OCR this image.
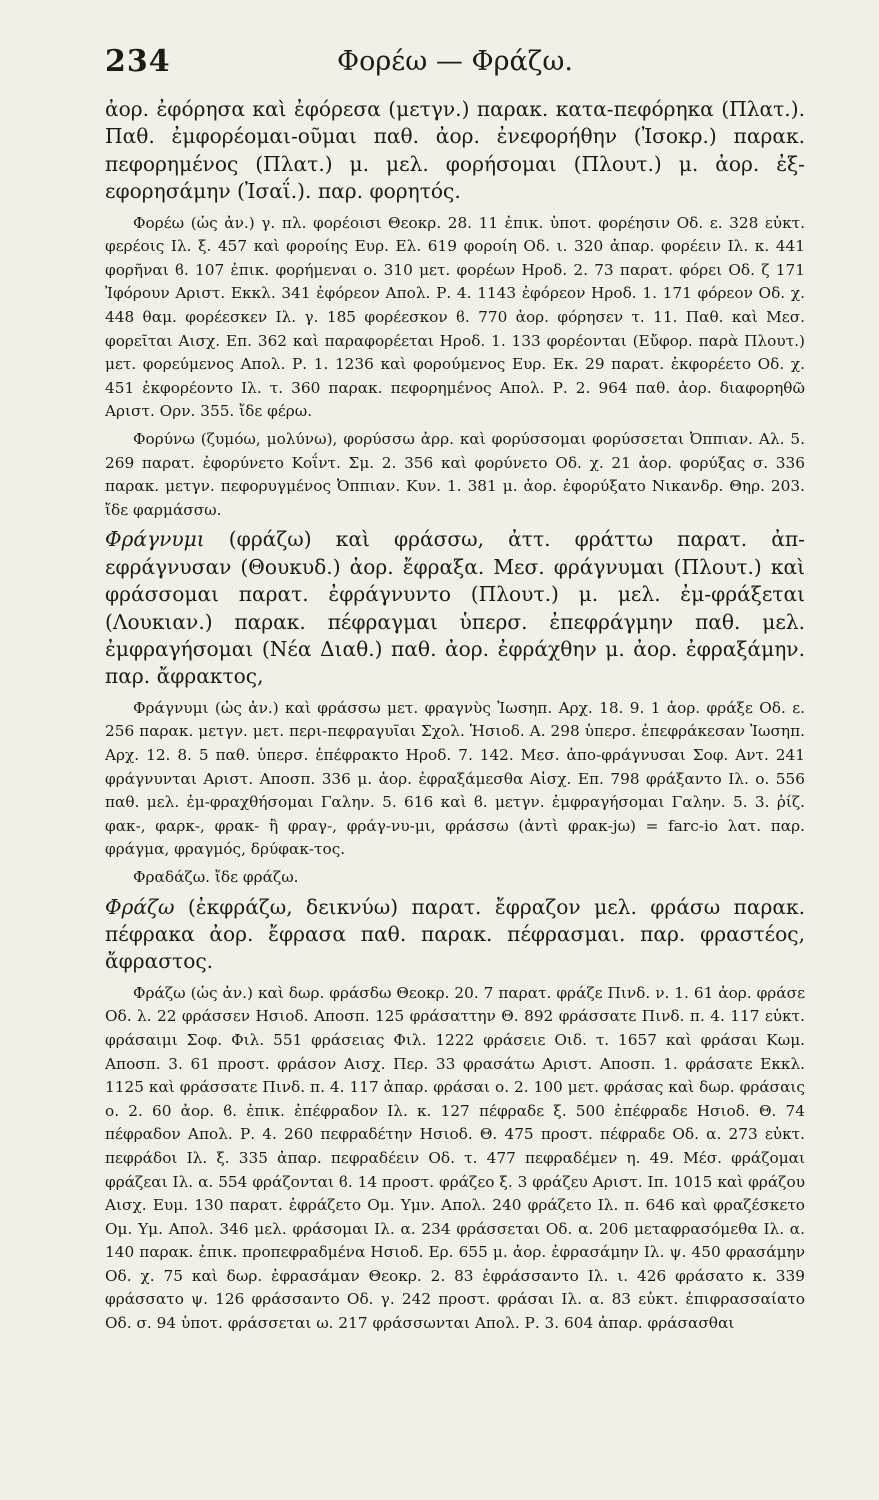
234	Φορέω — Φράζω.

ἀορ. ἐφόρησα καὶ ἐφόρεσα (μετγν.) παρακ. κατα-πεφόρηκα (Πλατ.). Παθ. ἐμφορέομαι-οῦμαι παθ. ἀορ. ἐνεφορήθην (Ἰσοκρ.) παρακ. πεφορημένος (Πλατ.) μ. μελ. φορήσομαι (Πλουτ.) μ. ἀορ. ἐξ-εφορησάμην (Ἰσαΐ.). παρ. φορητός.

Φορέω (ὡς ἀν.) γ. πλ. φορέοισι Θεοκρ. 28. 11 ἐπικ. ὑποτ. φορέησιν Οδ. ε. 328 εὐκτ. φερέοις Ιλ. ξ. 457 καὶ φοροίης Ευρ. Ελ. 619 φοροίη Οδ. ι. 320 ἀπαρ. φορέειν Ιλ. κ. 441 φορῆναι ϐ. 107 ἐπικ. φορήμεναι ο. 310 μετ. φορέων Ηροδ. 2. 73 παρατ. φόρει Οδ. ζ 171 Ἰφόρουν Αριστ. Εκκλ. 341 ἐφόρεον Απολ. Ρ. 4. 1143 ἐφόρεον Ηροδ. 1. 171 φόρεον Οδ. χ. 448 θαμ. φορέεσκεν Ιλ. γ. 185 φορέεσκον ϐ. 770 ἀορ. φόρησεν τ. 11. Παθ. καὶ Μεσ. φορεῖται Αισχ. Επ. 362 καὶ παραφορέεται Ηροδ. 1. 133 φορέονται (Εὔφορ. παρὰ Πλουτ.) μετ. φορεύμενος Απολ. Ρ. 1. 1236 καὶ φορούμενος Ευρ. Εκ. 29 παρατ. ἐκφορέετο Οδ. χ. 451 ἐκφορέοντο Ιλ. τ. 360 παρακ. πεφορημένος Απολ. Ρ. 2. 964 παθ. ἀορ. διαφορηθῶ Αριστ. Ορν. 355. ἴδε φέρω.

Φορύνω (ζυμόω, μολύνω), φορύσσω ἀρρ. καὶ φορύσσομαι φορύσσεται Ὀππιαν. Αλ. 5. 269 παρατ. ἐφορύνετο Κοΐντ. Σμ. 2. 356 καὶ φορύνετο Οδ. χ. 21 ἀορ. φορύξας σ. 336 παρακ. μετγν. πεφορυγμένος Ὀππιαν. Κυν. 1. 381 μ. ἀορ. ἐφορύξατο Νικανδρ. Θηρ. 203. ἴδε φαρμάσσω.

Φράγνυμι (φράζω) καὶ φράσσω, ἀττ. φράττω παρατ. ἀπ-εφράγνυσαν (Θουκυδ.) ἀορ. ἔφραξα. Μεσ. φράγνυμαι (Πλουτ.) καὶ φράσσομαι παρατ. ἐφράγνυντο (Πλουτ.) μ. μελ. ἐμ-φράξεται (Λουκιαν.) παρακ. πέφραγμαι ὑπερσ. ἐπεφράγμην παθ. μελ. ἐμφραγήσομαι (Νέα Διαθ.) παθ. ἀορ. ἐφράχθην μ. ἀορ. ἐφραξάμην. παρ. ἄφρακτος,

Φράγνυμι (ὡς ἀν.) καὶ φράσσω μετ. φραγνὺς Ἰωσηπ. Αρχ. 18. 9. 1 ἀορ. φράξε Οδ. ε. 256 παρακ. μετγν. μετ. περι-πεφραγυῖαι Σχολ. Ἡσιοδ. Α. 298 ὑπερσ. ἐπεφράκεσαν Ἰωσηπ. Αρχ. 12. 8. 5 παθ. ὑπερσ. ἐπέφρακτο Ηροδ. 7. 142. Μεσ. ἀπο-φράγνυσαι Σοφ. Αντ. 241 φράγνυνται Αριστ. Αποσπ. 336 μ. ἀορ. ἐφραξάμεσθα Αἰσχ. Επ. 798 φράξαντο Ιλ. ο. 556 παθ. μελ. ἐμ-φραχθήσομαι Γαλην. 5. 616 καὶ ϐ. μετγν. ἐμφραγήσομαι Γαλην. 5. 3. ῥίζ. φακ-, φαρκ-, φρακ- ἢ φραγ-, φράγ-νυ-μι, φράσσω (ἀντὶ φρακ-jω) = farc-io λατ. παρ. φράγμα, φραγμός, δρύφακ-τος.

Φραδάζω. ἴδε φράζω.

Φράζω (ἐκφράζω, δεικνύω) παρατ. ἔφραζον μελ. φράσω παρακ. πέφρακα ἀορ. ἔφρασα παθ. παρακ. πέφρασμαι. παρ. φραστέος, ἄφραστος.

Φράζω (ὡς ἀν.) καὶ δωρ. φράσδω Θεοκρ. 20. 7 παρατ. φράζε Πινδ. ν. 1. 61 ἀορ. φράσε Οδ. λ. 22 φράσσεν Ησιοδ. Αποσπ. 125 φράσαττην Θ. 892 φράσσατε Πινδ. π. 4. 117 εὐκτ. φράσαιμι Σοφ. Φιλ. 551 φράσειας Φιλ. 1222 φράσειε Οιδ. τ. 1657 καὶ φράσαι Κωμ. Αποσπ. 3. 61 προστ. φράσον Αισχ. Περ. 33 φρασάτω Αριστ. Αποσπ. 1. φράσατε Εκκλ. 1125 καὶ φράσσατε Πινδ. π. 4. 117 ἀπαρ. φράσαι ο. 2. 100 μετ. φράσας καὶ δωρ. φράσαις ο. 2. 60 ἀορ. ϐ. ἐπικ. ἐπέφραδον Ιλ. κ. 127 πέφραδε ξ. 500 ἐπέφραδε Ησιοδ. Θ. 74 πέφραδον Απολ. Ρ. 4. 260 πεφραδέτην Ησιοδ. Θ. 475 προστ. πέφραδε Οδ. α. 273 εὐκτ. πεφράδοι Ιλ. ξ. 335 ἀπαρ. πεφραδέειν Οδ. τ. 477 πεφραδέμεν η. 49. Μέσ. φράζομαι φράζεαι Ιλ. α. 554 φράζονται ϐ. 14 προστ. φράζεο ξ. 3 φράζευ Αριστ. Ιπ. 1015 καὶ φράζου Αισχ. Ευμ. 130 παρατ. ἐφράζετο Ομ. Υμν. Απολ. 240 φράζετο Ιλ. π. 646 καὶ φραζέσκετο Ομ. Υμ. Απολ. 346 μελ. φράσομαι Ιλ. α. 234 φράσσεται Οδ. α. 206 μεταφρασόμεθα Ιλ. α. 140 παρακ. ἐπικ. προπεφραδμένα Ησιοδ. Ερ. 655 μ. ἀορ. ἐφρασάμην Ιλ. ψ. 450 φρασάμην Οδ. χ. 75 καὶ δωρ. ἐφρασάμαν Θεοκρ. 2. 83 ἐφράσσαντο Ιλ. ι. 426 φράσατο κ. 339 φράσσατο ψ. 126 φράσσαντο Οδ. γ. 242 προστ. φράσαι Ιλ. α. 83 εὐκτ. ἐπιφρασσαίατο Οδ. σ. 94 ὑποτ. φράσσεται ω. 217 φράσσωνται Απολ. Ρ. 3. 604 ἀπαρ. φράσασθαι
